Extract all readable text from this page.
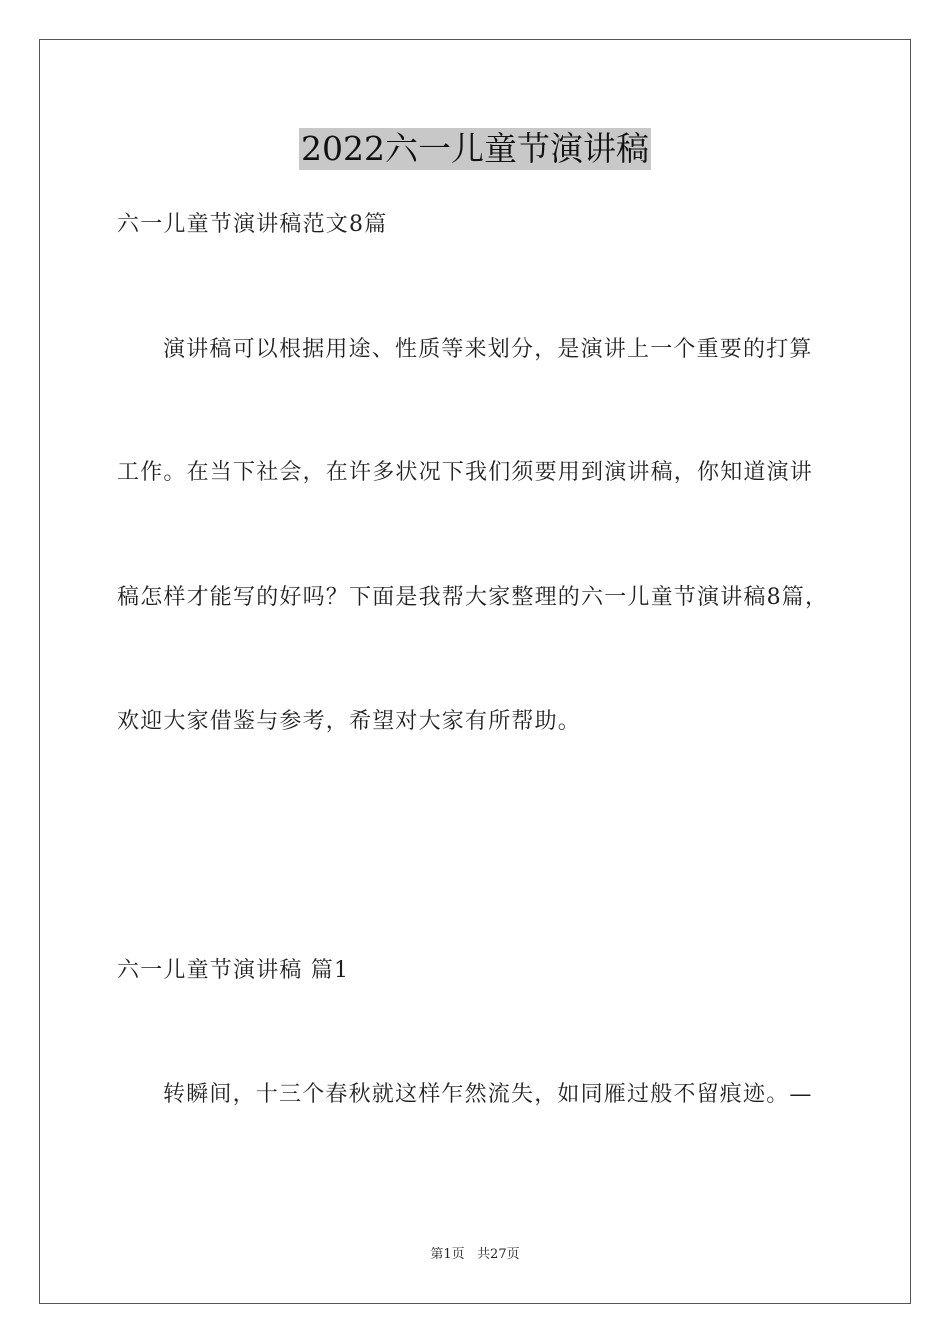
2022六一儿童节演讲稿
六一儿童节演讲稿范文8篇
演讲稿可以根据用途、性质等来划分，是演讲上一个重要的打算
工作。在当下社会，在许多状况下我们须要用到演讲稿，你知道演讲
稿怎样才能写的好吗？下面是我帮大家整理的六一儿童节演讲稿8篇，
欢迎大家借鉴与参考，希望对大家有所帮助。
六一儿童节演讲稿 篇1
转瞬间，十三个春秋就这样乍然流失，如同雁过般不留痕迹。—
第1页   共27页
